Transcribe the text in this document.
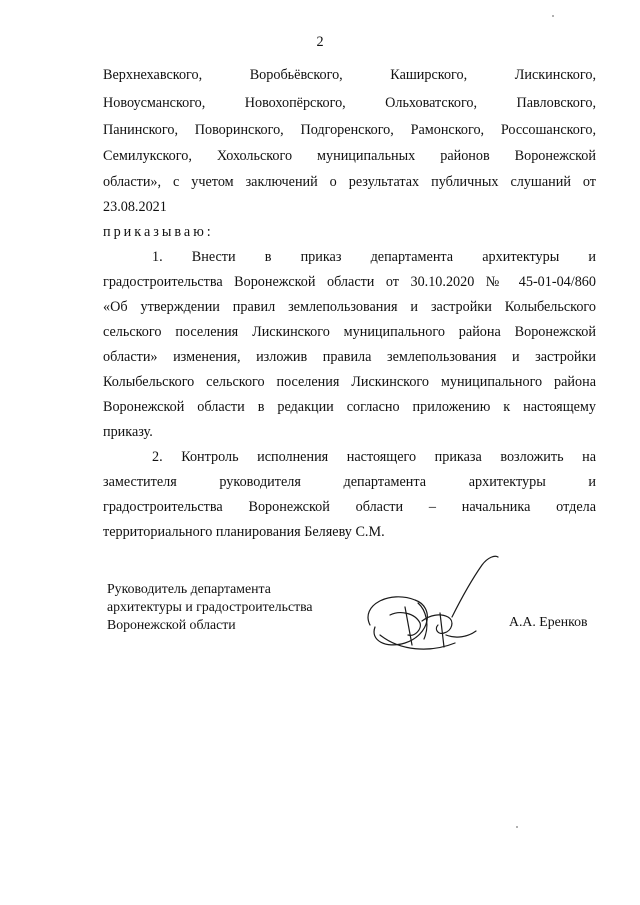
2
Верхнехавского, Воробьёвского, Каширского, Лискинского,
Новоусманского, Новохопёрского, Ольховатского, Павловского,
Панинского, Поворинского, Подгоренского, Рамонского, Россошанского,
Семилукского, Хохольского муниципальных районов Воронежской
области», с учетом заключений о результатах публичных слушаний от
23.08.2021
приказываю:
1. Внести в приказ департамента архитектуры и
градостроительства Воронежской области от 30.10.2020 № 45-01-04/860
«Об утверждении правил землепользования и застройки Колыбельского
сельского поселения Лискинского муниципального района Воронежской
области» изменения, изложив правила землепользования и застройки
Колыбельского сельского поселения Лискинского муниципального района
Воронежской области в редакции согласно приложению к настоящему
приказу.
2. Контроль исполнения настоящего приказа возложить на
заместителя руководителя департамента архитектуры и
градостроительства Воронежской области – начальника отдела
территориального планирования Беляеву С.М.
Руководитель департамента
архитектуры и градостроительства
Воронежской области	А.А. Еренков
